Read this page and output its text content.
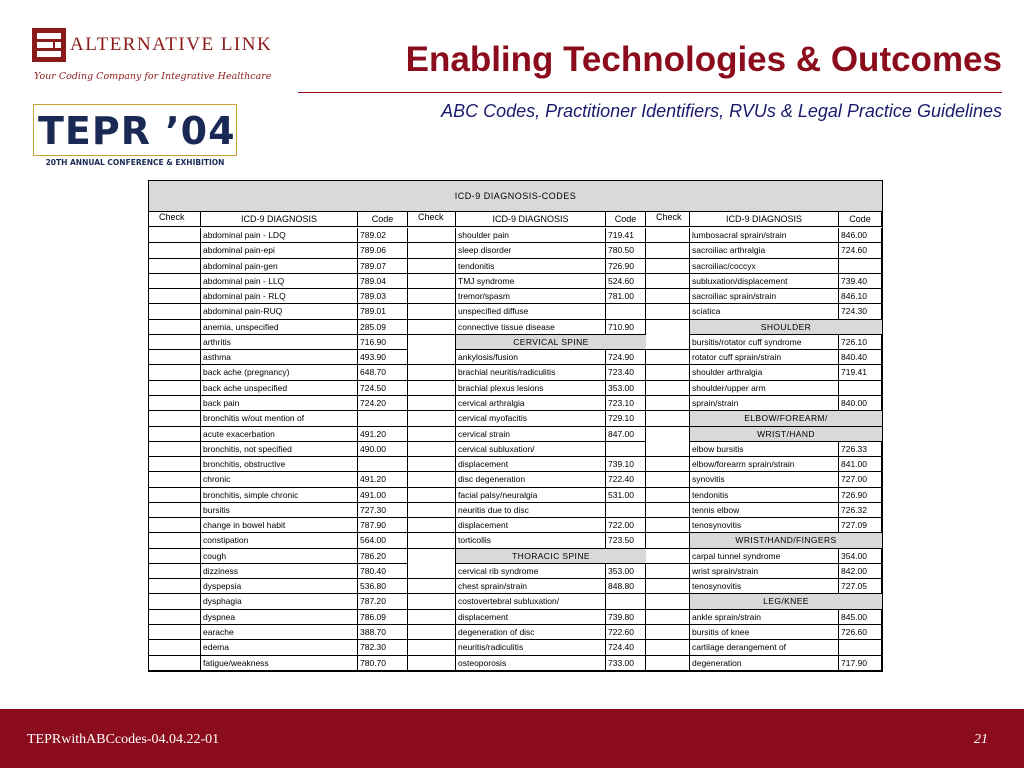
ALTERNATIVE LINK
Your Coding Company for Integrative Healthcare
TEPR ’04
20TH ANNUAL CONFERENCE & EXHIBITION
Enabling Technologies & Outcomes
ABC Codes, Practitioner Identifiers, RVUs & Legal Practice Guidelines
ICD-9 DIAGNOSIS-CODES
Check	ICD-9 DIAGNOSIS	Code
abdominal pain - LDQ	789.02
abdominal pain-epi	789.06
abdominal pain-gen	789.07
abdominal pain - LLQ	789.04
abdominal pain - RLQ	789.03
abdominal pain-RUQ	789.01
anemia, unspecified	285.09
arthritis	716.90
asthma	493.90
back ache (pregnancy)	648.70
back ache unspecified	724.50
back pain	724.20
bronchitis w/out mention of
acute exacerbation	491.20
bronchitis, not specified	490.00
bronchitis, obstructive
chronic	491.20
bronchitis, simple chronic	491.00
bursitis	727.30
change in bowel habit	787.90
constipation	564.00
cough	786.20
dizziness	780.40
dyspepsia	536.80
dysphagia	787.20
dyspnea	786.09
earache	388.70
edema	782.30
fatigue/weakness	780.70
Check	ICD-9 DIAGNOSIS	Code
shoulder pain	719.41
sleep disorder	780.50
tendonitis	726.90
TMJ syndrome	524.60
tremor/spasm	781.00
unspecified diffuse
connective tissue disease	710.90
CERVICAL SPINE
ankylosis/fusion	724.90
brachial neuritis/radiculitis	723.40
brachial plexus lesions	353.00
cervical arthralgia	723.10
cervical myofacitis	729.10
cervical strain	847.00
cervical subluxation/
displacement	739.10
disc degeneration	722.40
facial palsy/neuralgia	531.00
neuritis due to disc
displacement	722.00
torticollis	723.50
THORACIC SPINE
cervical rib syndrome	353.00
chest sprain/strain	848.80
costovertebral subluxation/
displacement	739.80
degeneration of disc	722.60
neuritis/radiculitis	724.40
osteoporosis	733.00
Check	ICD-9 DIAGNOSIS	Code
lumbosacral sprain/strain	846.00
sacroiliac arthralgia	724.60
sacroiliac/coccyx
subluxation/displacement	739.40
sacroiliac sprain/strain	846.10
sciatica	724.30
SHOULDER
bursitis/rotator cuff syndrome	726.10
rotator cuff sprain/strain	840.40
shoulder arthralgia	719.41
shoulder/upper arm
sprain/strain	840.00
ELBOW/FOREARM/
WRIST/HAND
elbow bursitis	726.33
elbow/forearm sprain/strain	841.00
synovitis	727.00
tendonitis	726.90
tennis elbow	726.32
tenosynovitis	727.09
WRIST/HAND/FINGERS
carpal tunnel syndrome	354.00
wrist sprain/strain	842.00
tenosynovitis	727.05
LEG/KNEE
ankle sprain/strain	845.00
bursitis of knee	726.60
cartilage derangement of
degeneration	717.90
TEPRwithABCcodes-04.04.22-01	21
